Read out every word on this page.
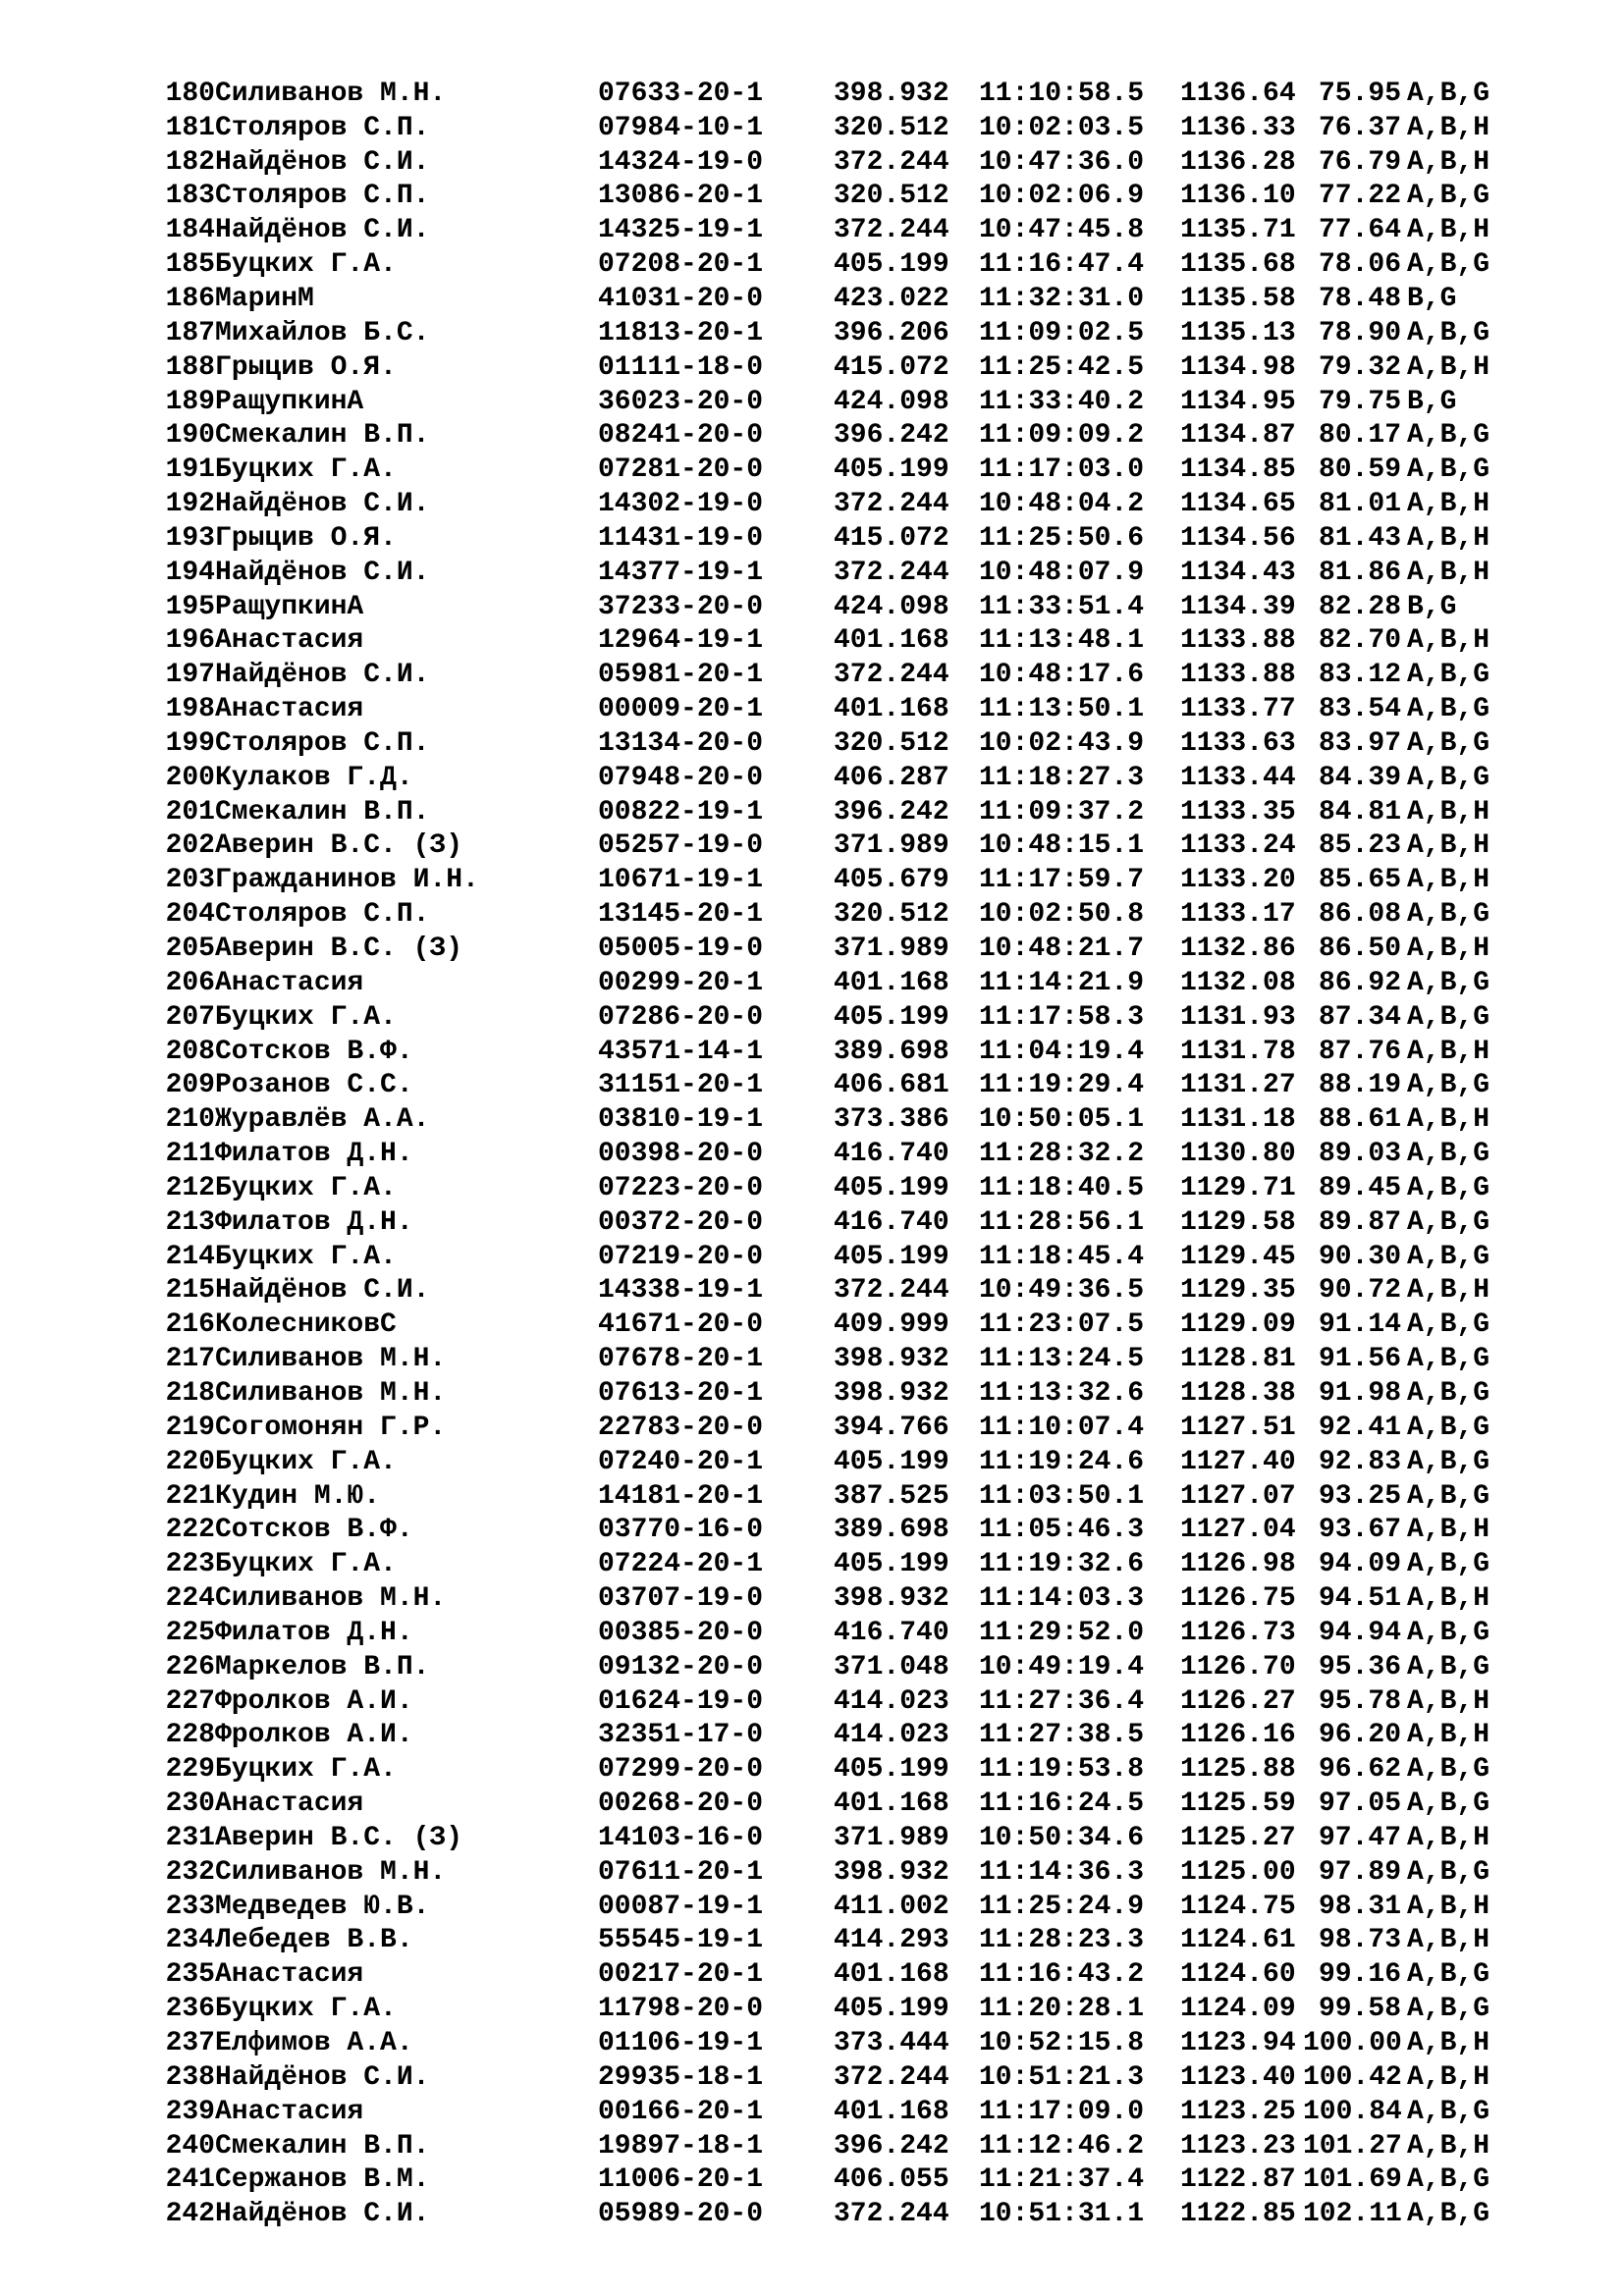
180 Силиванов М.Н.	07633-20-1	398.932	11:10:58.5	1136.64 75.95 A,B,G
181 Столяров С.П.	07984-10-1	320.512	10:02:03.5	1136.33 76.37 A,B,H
182 Найдёнов С.И.	14324-19-0	372.244	10:47:36.0	1136.28 76.79 A,B,H
183 Столяров С.П.	13086-20-1	320.512	10:02:06.9	1136.10 77.22 A,B,G
184 Найдёнов С.И.	14325-19-1	372.244	10:47:45.8	1135.71 77.64 A,B,H
185 Буцких Г.А.	07208-20-1	405.199	11:16:47.4	1135.68 78.06 A,B,G
186 МаринМ	41031-20-0	423.022	11:32:31.0	1135.58 78.48 B,G
187 Михайлов Б.С.	11813-20-1	396.206	11:09:02.5	1135.13 78.90 A,B,G
188 Грыцив О.Я.	01111-18-0	415.072	11:25:42.5	1134.98 79.32 A,B,H
189 РащупкинА	36023-20-0	424.098	11:33:40.2	1134.95 79.75 B,G
190 Смекалин В.П.	08241-20-0	396.242	11:09:09.2	1134.87 80.17 A,B,G
191 Буцких Г.А.	07281-20-0	405.199	11:17:03.0	1134.85 80.59 A,B,G
192 Найдёнов С.И.	14302-19-0	372.244	10:48:04.2	1134.65 81.01 A,B,H
193 Грыцив О.Я.	11431-19-0	415.072	11:25:50.6	1134.56 81.43 A,B,H
194 Найдёнов С.И.	14377-19-1	372.244	10:48:07.9	1134.43 81.86 A,B,H
195 РащупкинА	37233-20-0	424.098	11:33:51.4	1134.39 82.28 B,G
196 Анастасия	12964-19-1	401.168	11:13:48.1	1133.88 82.70 A,B,H
197 Найдёнов С.И.	05981-20-1	372.244	10:48:17.6	1133.88 83.12 A,B,G
198 Анастасия	00009-20-1	401.168	11:13:50.1	1133.77 83.54 A,B,G
199 Столяров С.П.	13134-20-0	320.512	10:02:43.9	1133.63 83.97 A,B,G
200 Кулаков Г.Д.	07948-20-0	406.287	11:18:27.3	1133.44 84.39 A,B,G
201 Смекалин В.П.	00822-19-1	396.242	11:09:37.2	1133.35 84.81 A,B,H
202 Аверин В.С. (З)	05257-19-0	371.989	10:48:15.1	1133.24 85.23 A,B,H
203 Гражданинов И.Н.	10671-19-1	405.679	11:17:59.7	1133.20 85.65 A,B,H
204 Столяров С.П.	13145-20-1	320.512	10:02:50.8	1133.17 86.08 A,B,G
205 Аверин В.С. (З)	05005-19-0	371.989	10:48:21.7	1132.86 86.50 A,B,H
206 Анастасия	00299-20-1	401.168	11:14:21.9	1132.08 86.92 A,B,G
207 Буцких Г.А.	07286-20-0	405.199	11:17:58.3	1131.93 87.34 A,B,G
208 Сотсков В.Ф.	43571-14-1	389.698	11:04:19.4	1131.78 87.76 A,B,H
209 Розанов С.С.	31151-20-1	406.681	11:19:29.4	1131.27 88.19 A,B,G
210 Журавлёв А.А.	03810-19-1	373.386	10:50:05.1	1131.18 88.61 A,B,H
211 Филатов Д.Н.	00398-20-0	416.740	11:28:32.2	1130.80 89.03 A,B,G
212 Буцких Г.А.	07223-20-0	405.199	11:18:40.5	1129.71 89.45 A,B,G
213 Филатов Д.Н.	00372-20-0	416.740	11:28:56.1	1129.58 89.87 A,B,G
214 Буцких Г.А.	07219-20-0	405.199	11:18:45.4	1129.45 90.30 A,B,G
215 Найдёнов С.И.	14338-19-1	372.244	10:49:36.5	1129.35 90.72 A,B,H
216 КолесниковС	41671-20-0	409.999	11:23:07.5	1129.09 91.14 A,B,G
217 Силиванов М.Н.	07678-20-1	398.932	11:13:24.5	1128.81 91.56 A,B,G
218 Силиванов М.Н.	07613-20-1	398.932	11:13:32.6	1128.38 91.98 A,B,G
219 Согомонян Г.Р.	22783-20-0	394.766	11:10:07.4	1127.51 92.41 A,B,G
220 Буцких Г.А.	07240-20-1	405.199	11:19:24.6	1127.40 92.83 A,B,G
221 Кудин М.Ю.	14181-20-1	387.525	11:03:50.1	1127.07 93.25 A,B,G
222 Сотсков В.Ф.	03770-16-0	389.698	11:05:46.3	1127.04 93.67 A,B,H
223 Буцких Г.А.	07224-20-1	405.199	11:19:32.6	1126.98 94.09 A,B,G
224 Силиванов М.Н.	03707-19-0	398.932	11:14:03.3	1126.75 94.51 A,B,H
225 Филатов Д.Н.	00385-20-0	416.740	11:29:52.0	1126.73 94.94 A,B,G
226 Маркелов В.П.	09132-20-0	371.048	10:49:19.4	1126.70 95.36 A,B,G
227 Фролков А.И.	01624-19-0	414.023	11:27:36.4	1126.27 95.78 A,B,H
228 Фролков А.И.	32351-17-0	414.023	11:27:38.5	1126.16 96.20 A,B,H
229 Буцких Г.А.	07299-20-0	405.199	11:19:53.8	1125.88 96.62 A,B,G
230 Анастасия	00268-20-0	401.168	11:16:24.5	1125.59 97.05 A,B,G
231 Аверин В.С. (З)	14103-16-0	371.989	10:50:34.6	1125.27 97.47 A,B,H
232 Силиванов М.Н.	07611-20-1	398.932	11:14:36.3	1125.00 97.89 A,B,G
233 Медведев Ю.В.	00087-19-1	411.002	11:25:24.9	1124.75 98.31 A,B,H
234 Лебедев В.В.	55545-19-1	414.293	11:28:23.3	1124.61 98.73 A,B,H
235 Анастасия	00217-20-1	401.168	11:16:43.2	1124.60 99.16 A,B,G
236 Буцких Г.А.	11798-20-0	405.199	11:20:28.1	1124.09 99.58 A,B,G
237 Елфимов А.А.	01106-19-1	373.444	10:52:15.8	1123.94 100.00 A,B,H
238 Найдёнов С.И.	29935-18-1	372.244	10:51:21.3	1123.40 100.42 A,B,H
239 Анастасия	00166-20-1	401.168	11:17:09.0	1123.25 100.84 A,B,G
240 Смекалин В.П.	19897-18-1	396.242	11:12:46.2	1123.23 101.27 A,B,H
241 Сержанов В.М.	11006-20-1	406.055	11:21:37.4	1122.87 101.69 A,B,G
242 Найдёнов С.И.	05989-20-0	372.244	10:51:31.1	1122.85 102.11 A,B,G
